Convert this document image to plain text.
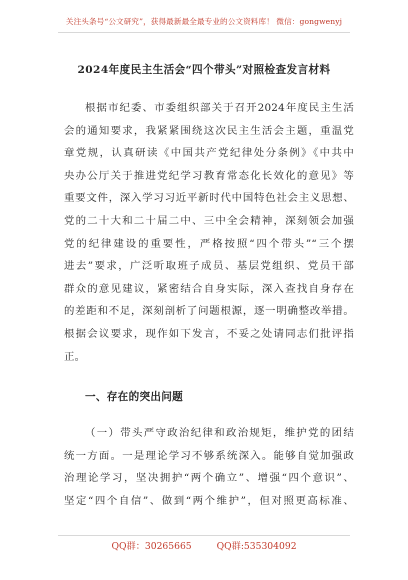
关注头条号“公文研究”，获得最新最全最专业的公文资料库！ 微信：gongwenyj
2024年度民主生活会“四个带头”对照检查发言材料
根据市纪委、市委组织部关于召开2024年度民主生活
会的通知要求，我紧紧围绕这次民主生活会主题，重温党
章党规，认真研读《中国共产党纪律处分条例》《中共中
央办公厅关于推进党纪学习教育常态化长效化的意见》等
重要文件，深入学习习近平新时代中国特色社会主义思想、
党的二十大和二十届二中、三中全会精神，深刻领会加强
党的纪律建设的重要性，严格按照“四个带头”“三个摆
进去”要求，广泛听取班子成员、基层党组织、党员干部
群众的意见建议，紧密结合自身实际，深入查找自身存在
的差距和不足，深刻剖析了问题根源，逐一明确整改举措。
根据会议要求，现作如下发言，不妥之处请同志们批评指
正。
一、存在的突出问题
（一）带头严守政治纪律和政治规矩，维护党的团结
统一方面。一是理论学习不够系统深入。能够自觉加强政
治理论学习，坚决拥护“两个确立”、增强“四个意识”、
坚定“四个自信”、做到“两个维护”，但对照更高标准、
QQ群：30265665	QQ群:535304092
